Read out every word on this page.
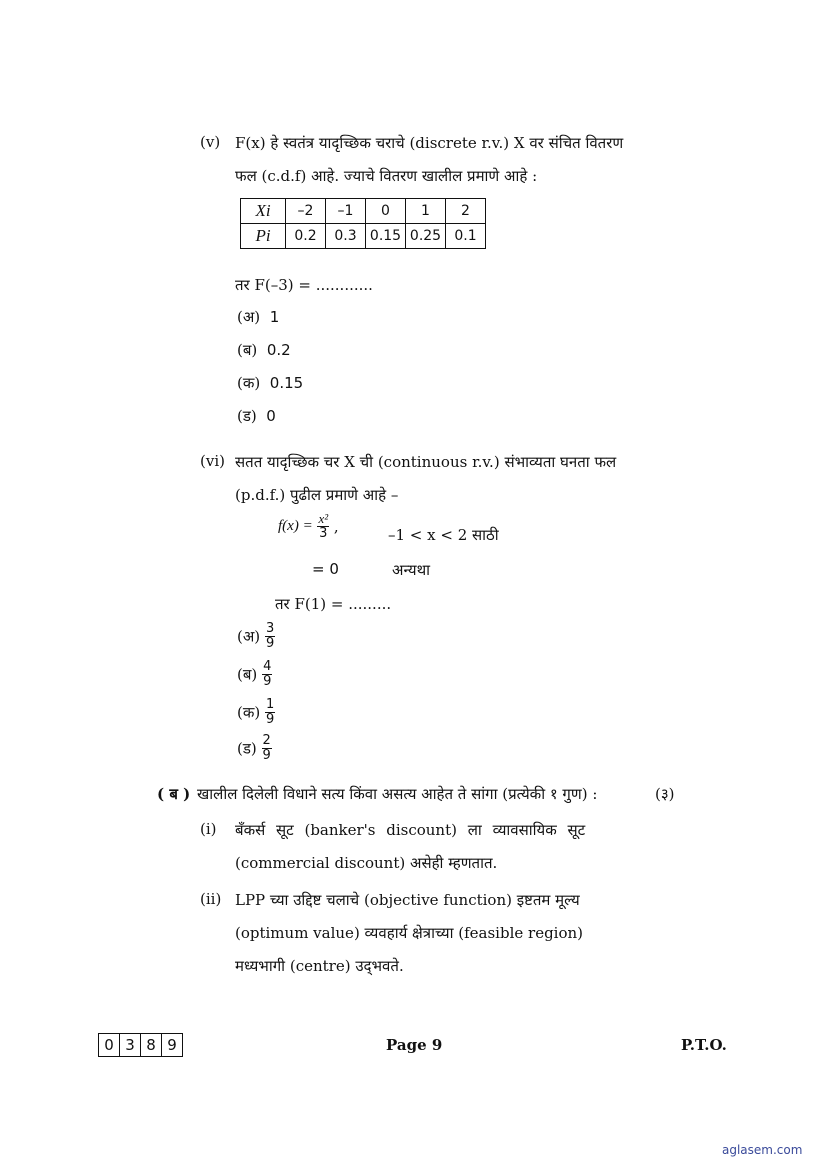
(v) F(x) हे स्वतंत्र यादृच्छिक चराचे (discrete r.v.) X वर संचित वितरण
फल (c.d.f) आहे. ज्याचे वितरण खालील प्रमाणे आहे :
Xi	–2	–1	0	1	2
Pi	0.2	0.3	0.15	0.25	0.1
तर F(–3) = ............
(अ) 1
(ब) 0.2
(क) 0.15
(ड) 0
(vi) सतत यादृच्छिक चर X ची (continuous r.v.) संभाव्यता घनता फल
(p.d.f.) पुढील प्रमाणे आहे –
$f(x) = \frac{\text{x²}}{3}$ ,	–1 < x < 2 साठी
= 0	अन्यथा
तर F(1) = .........
(अ) $\frac{3}{9}$
(ब) $\frac{4}{9}$
(क) $\frac{1}{9}$
(ड) $\frac{2}{9}$
( ब ) खालील दिलेली विधाने सत्य किंवा असत्य आहेत ते सांगा (प्रत्येकी १ गुण) :	(३)
(i) बँकर्स सूट (banker's discount) ला व्यावसायिक सूट
(commercial discount) असेही म्हणतात.
(ii) LPP च्या उद्दिष्ट चलाचे (objective function) इष्टतम मूल्य
(optimum value) व्यवहार्य क्षेत्राच्या (feasible region)
मध्यभागी (centre) उद्‌भवते.
0	3	8	9	Page 9	P.T.O.
aglasem.com
